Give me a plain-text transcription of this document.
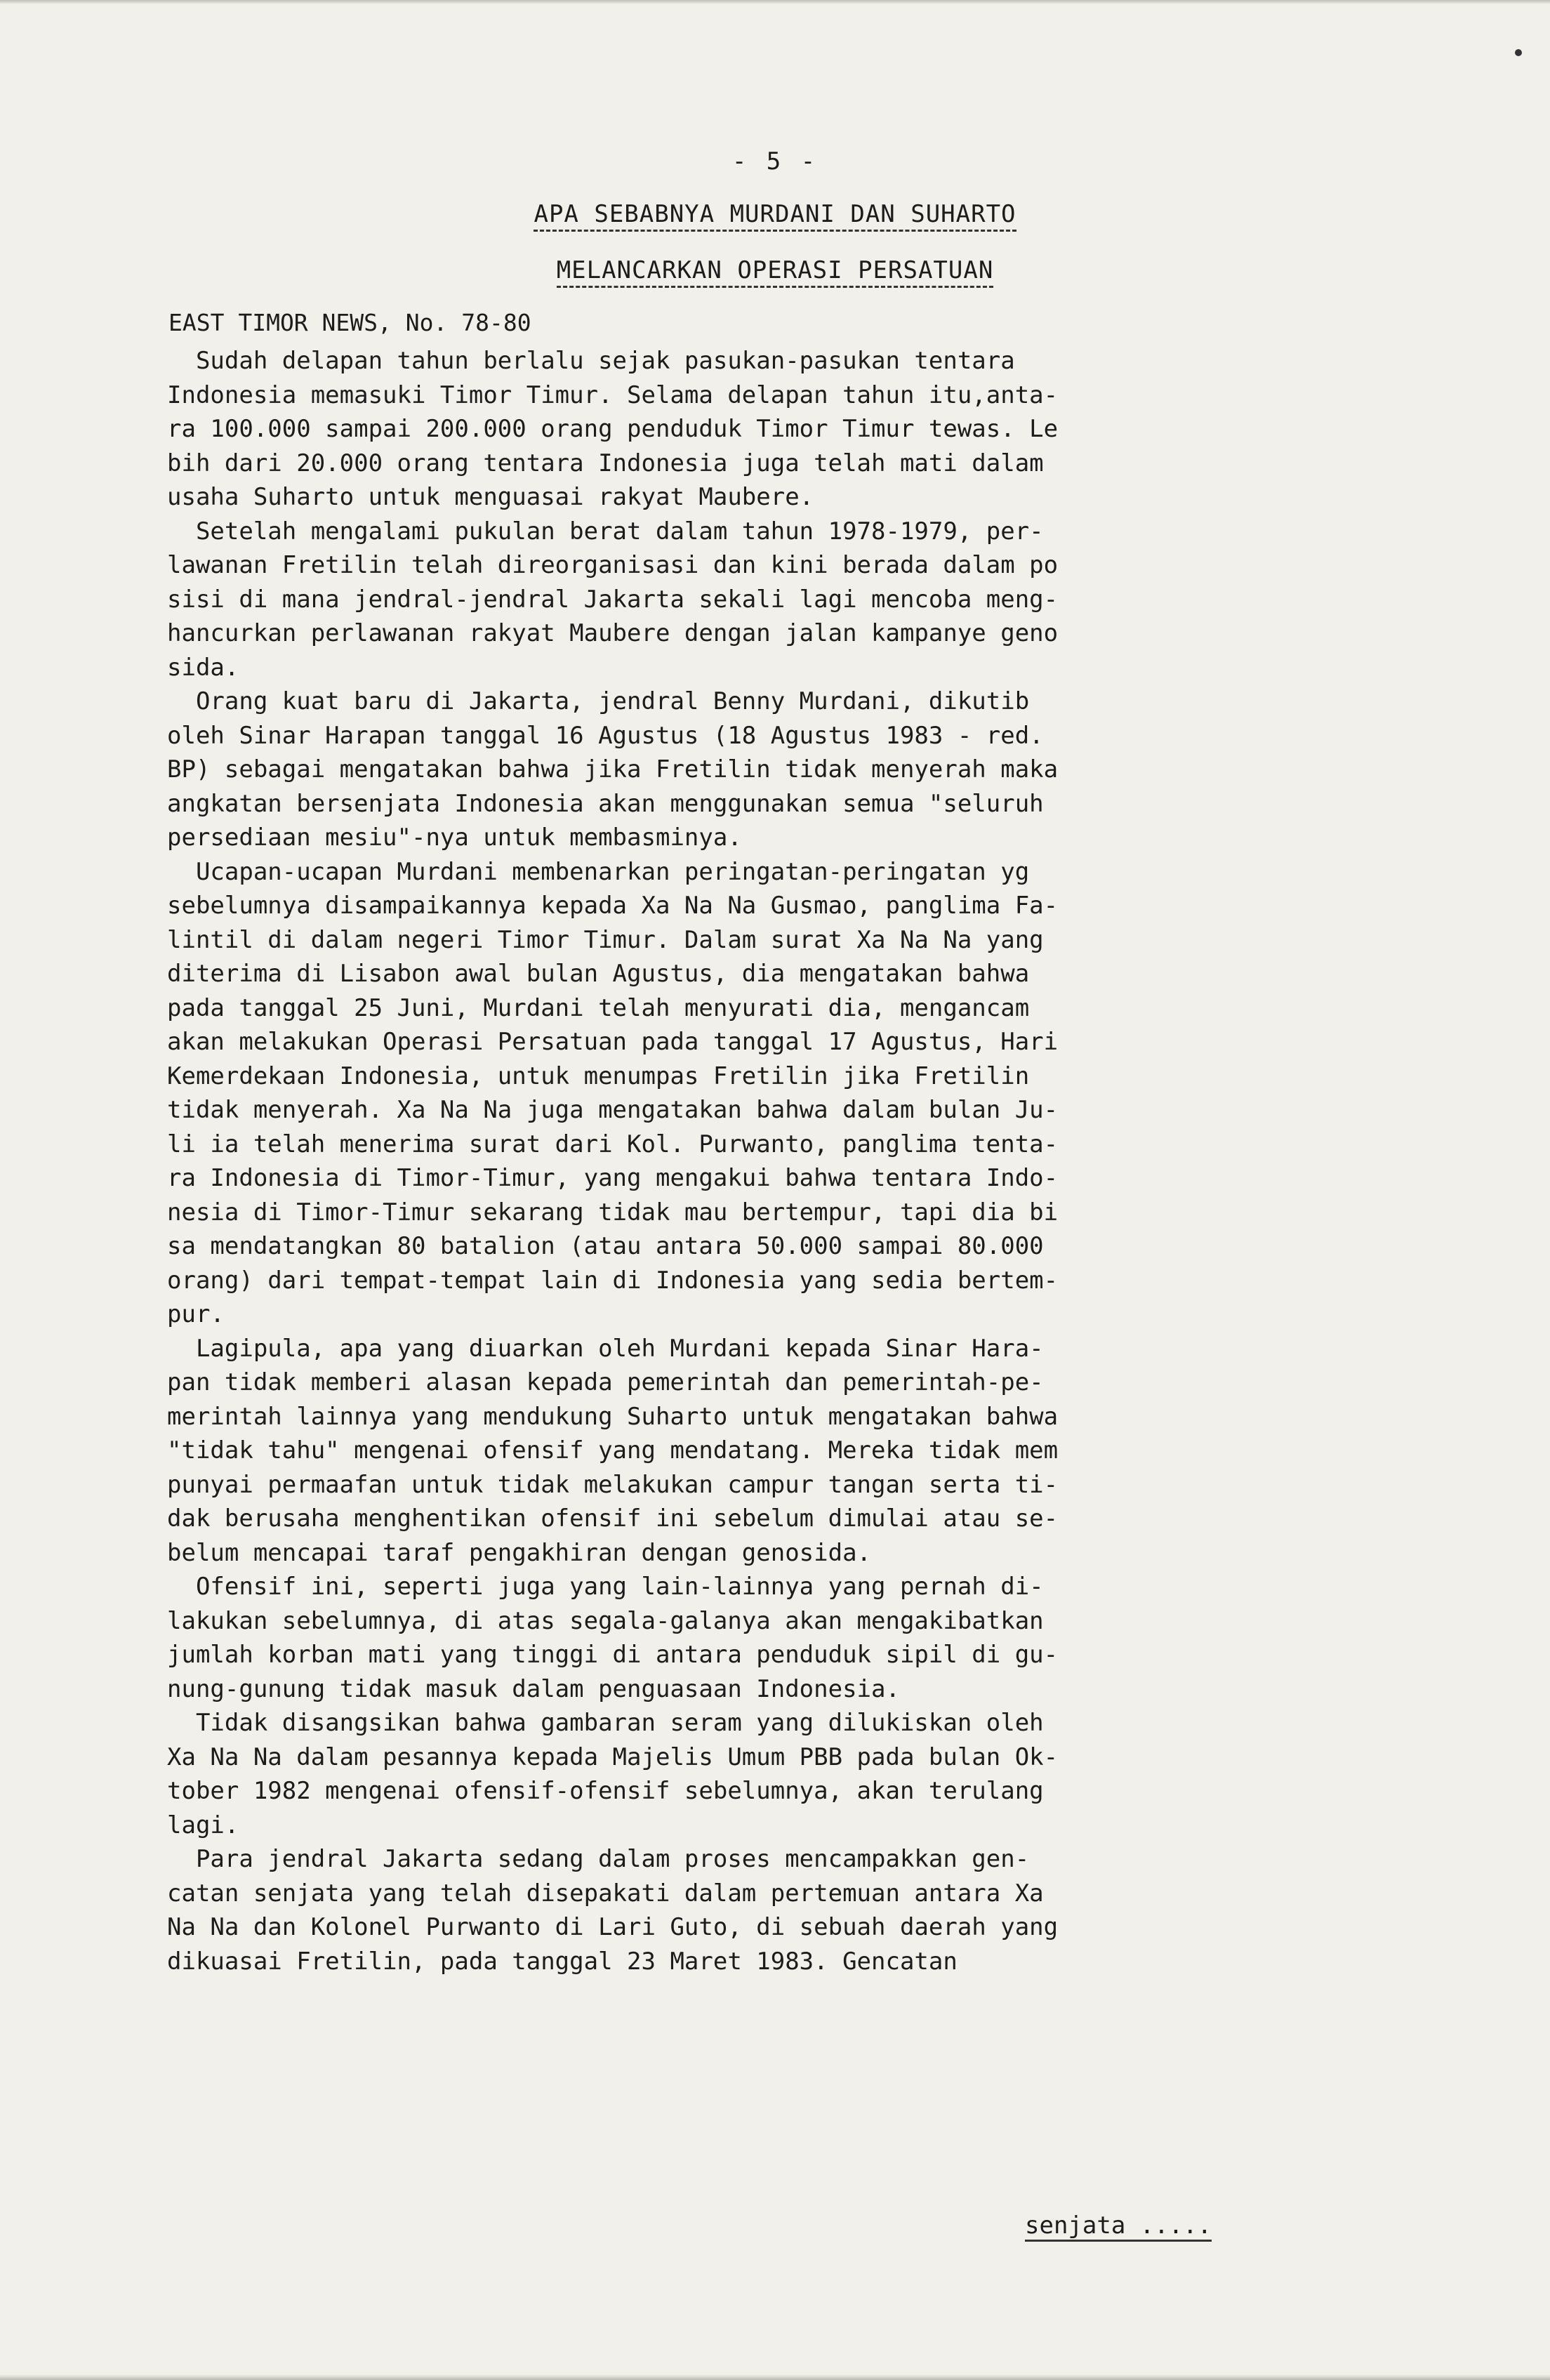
- 5 -
APA SEBABNYA MURDANI DAN SUHARTO
MELANCARKAN OPERASI PERSATUAN
EAST TIMOR NEWS, No. 78-80
Sudah delapan tahun berlalu sejak pasukan-pasukan tentara
Indonesia memasuki Timor Timur. Selama delapan tahun itu,anta-
ra 100.000 sampai 200.000 orang penduduk Timor Timur tewas. Le
bih dari 20.000 orang tentara Indonesia juga telah mati dalam
usaha Suharto untuk menguasai rakyat Maubere.
Setelah mengalami pukulan berat dalam tahun 1978-1979, per-
lawanan Fretilin telah direorganisasi dan kini berada dalam po
sisi di mana jendral-jendral Jakarta sekali lagi mencoba meng-
hancurkan perlawanan rakyat Maubere dengan jalan kampanye geno
sida.
Orang kuat baru di Jakarta, jendral Benny Murdani, dikutib
oleh Sinar Harapan tanggal 16 Agustus (18 Agustus 1983 - red.
BP) sebagai mengatakan bahwa jika Fretilin tidak menyerah maka
angkatan bersenjata Indonesia akan menggunakan semua "seluruh
persediaan mesiu"-nya untuk membasminya.
Ucapan-ucapan Murdani membenarkan peringatan-peringatan yg
sebelumnya disampaikannya kepada Xa Na Na Gusmao, panglima Fa-
lintil di dalam negeri Timor Timur. Dalam surat Xa Na Na yang
diterima di Lisabon awal bulan Agustus, dia mengatakan bahwa
pada tanggal 25 Juni, Murdani telah menyurati dia, mengancam
akan melakukan Operasi Persatuan pada tanggal 17 Agustus, Hari
Kemerdekaan Indonesia, untuk menumpas Fretilin jika Fretilin
tidak menyerah. Xa Na Na juga mengatakan bahwa dalam bulan Ju-
li ia telah menerima surat dari Kol. Purwanto, panglima tenta-
ra Indonesia di Timor-Timur, yang mengakui bahwa tentara Indo-
nesia di Timor-Timur sekarang tidak mau bertempur, tapi dia bi
sa mendatangkan 80 batalion (atau antara 50.000 sampai 80.000
orang) dari tempat-tempat lain di Indonesia yang sedia bertem-
pur.
Lagipula, apa yang diuarkan oleh Murdani kepada Sinar Hara-
pan tidak memberi alasan kepada pemerintah dan pemerintah-pe-
merintah lainnya yang mendukung Suharto untuk mengatakan bahwa
"tidak tahu" mengenai ofensif yang mendatang. Mereka tidak mem
punyai permaafan untuk tidak melakukan campur tangan serta ti-
dak berusaha menghentikan ofensif ini sebelum dimulai atau se-
belum mencapai taraf pengakhiran dengan genosida.
Ofensif ini, seperti juga yang lain-lainnya yang pernah di-
lakukan sebelumnya, di atas segala-galanya akan mengakibatkan
jumlah korban mati yang tinggi di antara penduduk sipil di gu-
nung-gunung tidak masuk dalam penguasaan Indonesia.
Tidak disangsikan bahwa gambaran seram yang dilukiskan oleh
Xa Na Na dalam pesannya kepada Majelis Umum PBB pada bulan Ok-
tober 1982 mengenai ofensif-ofensif sebelumnya, akan terulang
lagi.
Para jendral Jakarta sedang dalam proses mencampakkan gen-
catan senjata yang telah disepakati dalam pertemuan antara Xa
Na Na dan Kolonel Purwanto di Lari Guto, di sebuah daerah yang
dikuasai Fretilin, pada tanggal 23 Maret 1983. Gencatan
senjata .....
